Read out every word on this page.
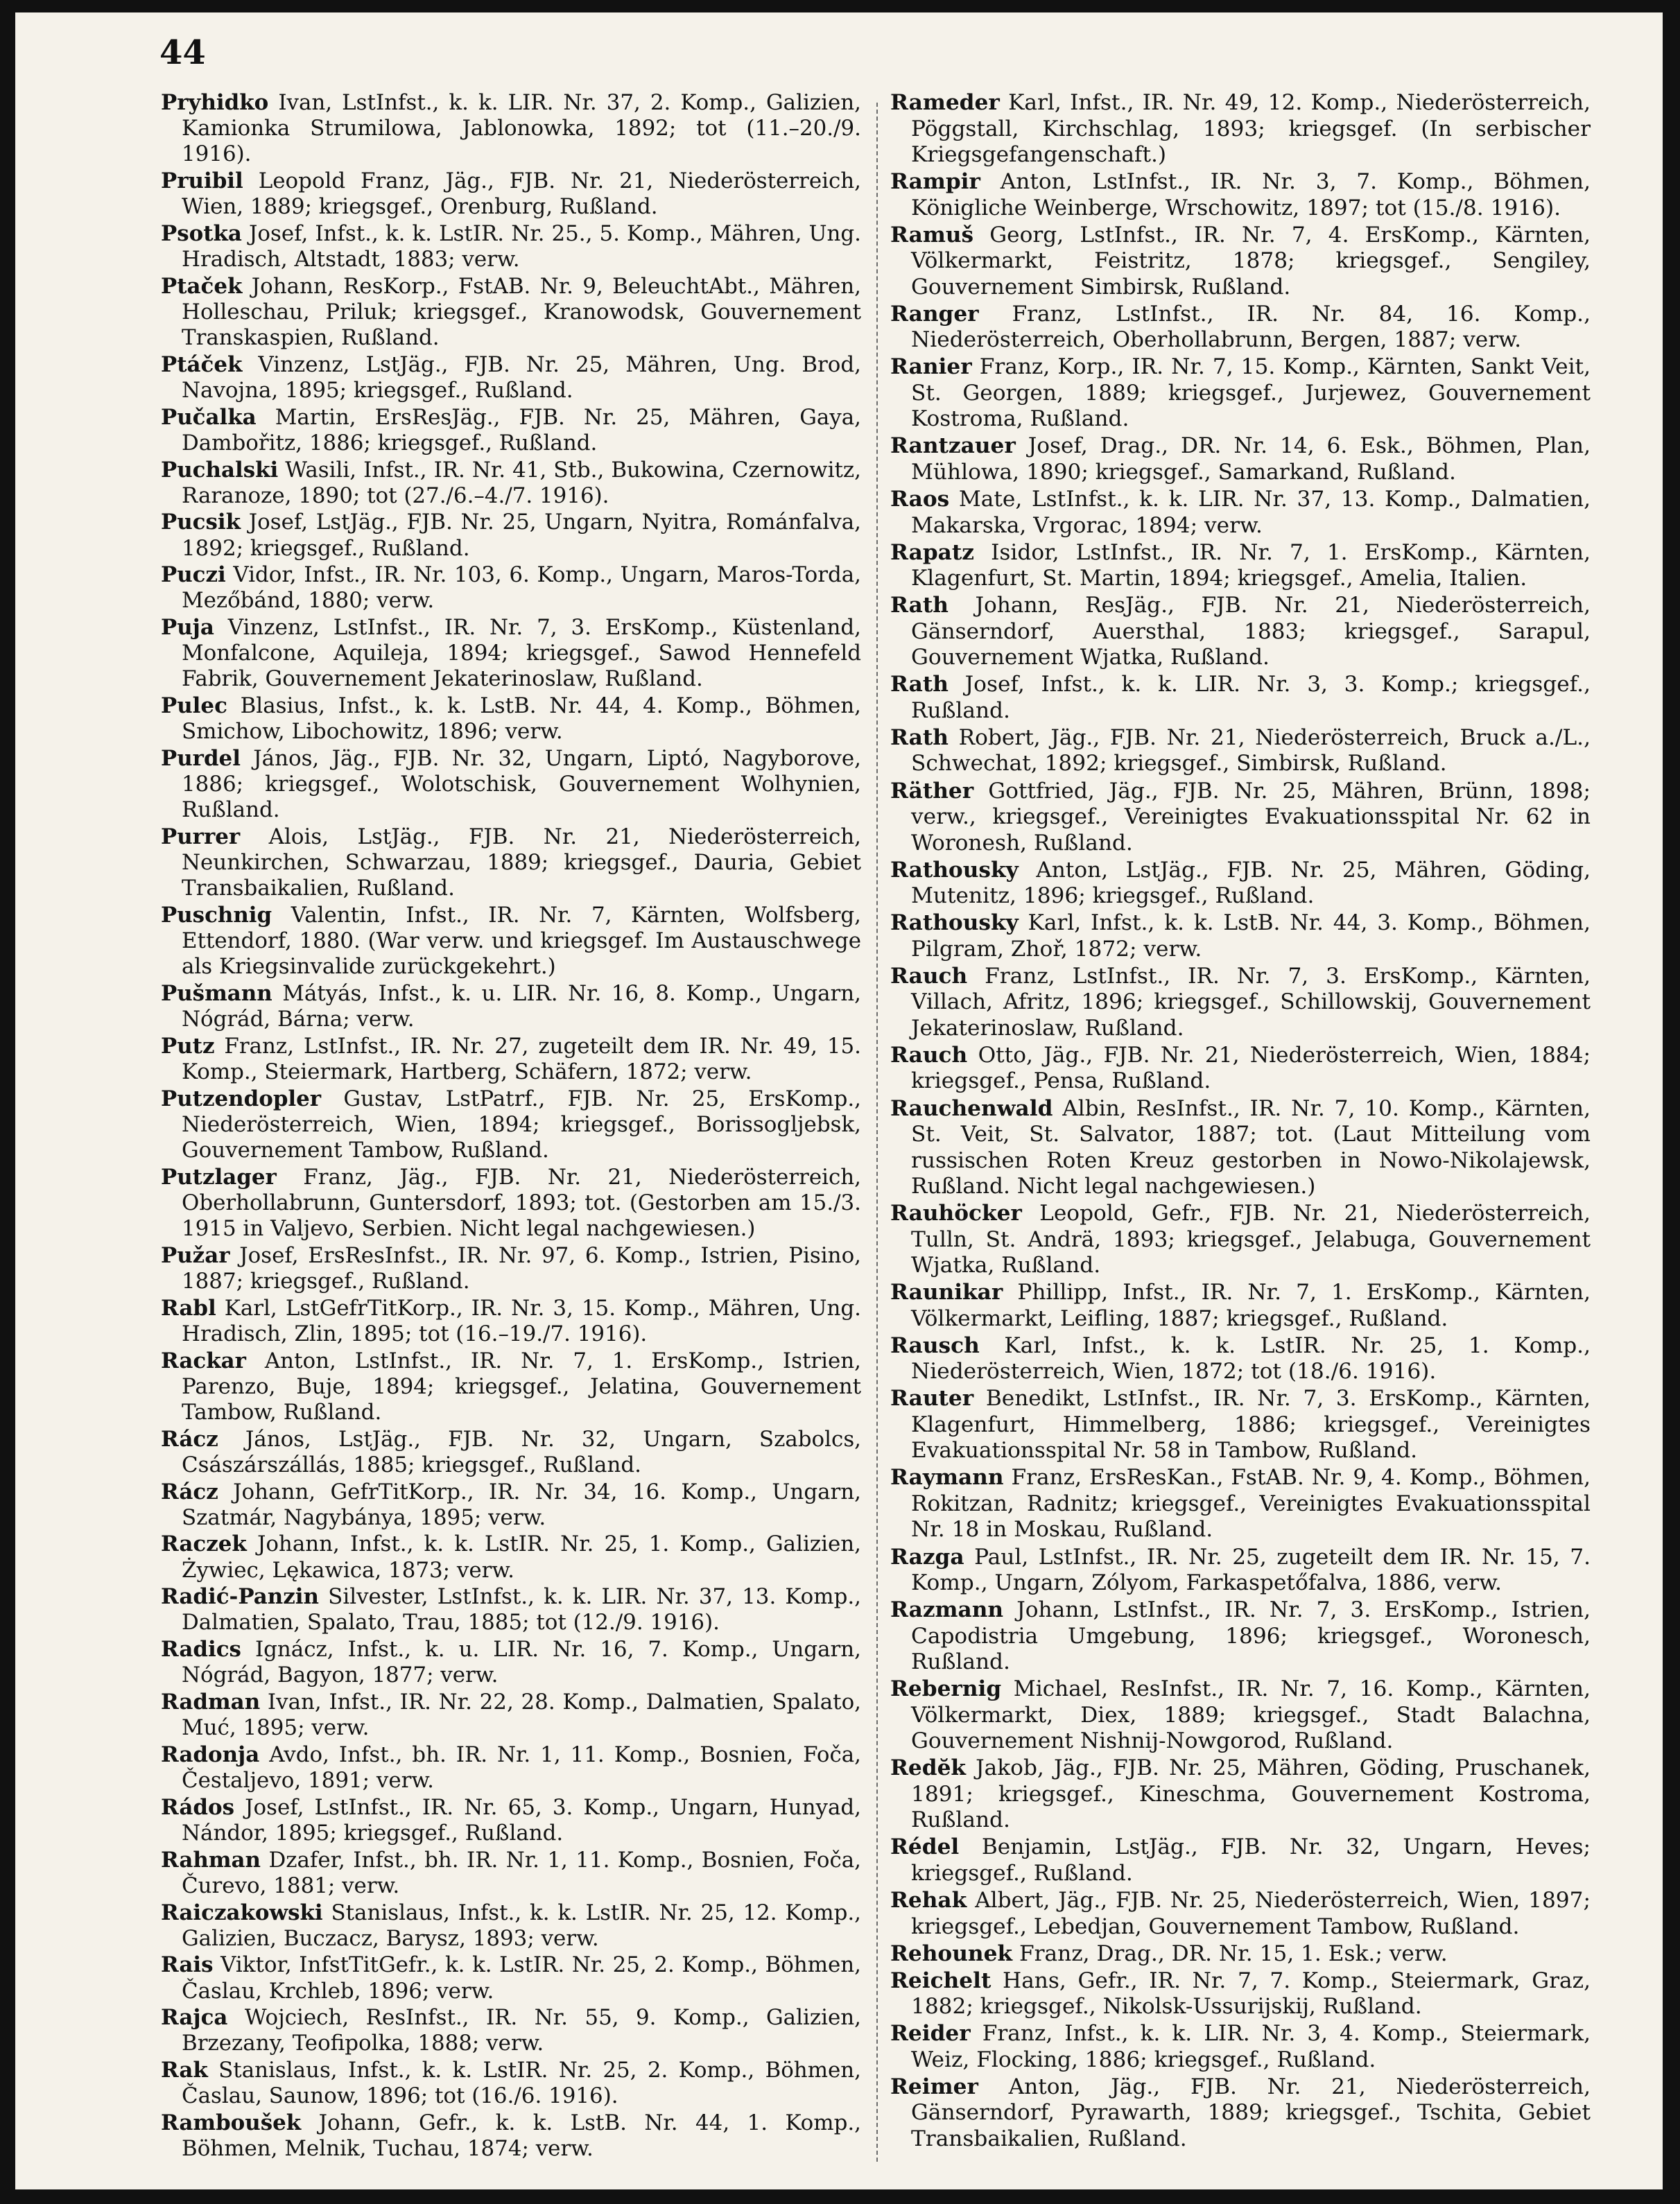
44

Pryhidko Ivan, LstInfst., k. k. LIR. Nr. 37, 2. Komp., Galizien, Kamionka Strumilowa, Jablonowka, 1892; tot (11.–20./9. 1916).

Pruibil Leopold Franz, Jäg., FJB. Nr. 21, Niederösterreich, Wien, 1889; kriegsgef., Orenburg, Rußland.

Psotka Josef, Infst., k. k. LstIR. Nr. 25., 5. Komp., Mähren, Ung. Hradisch, Altstadt, 1883; verw.

Ptaček Johann, ResKorp., FstAB. Nr. 9, BeleuchtAbt., Mähren, Holleschau, Priluk; kriegsgef., Kranowodsk, Gouvernement Transkaspien, Rußland.

Ptáček Vinzenz, LstJäg., FJB. Nr. 25, Mähren, Ung. Brod, Navojna, 1895; kriegsgef., Rußland.

Pučalka Martin, ErsResJäg., FJB. Nr. 25, Mähren, Gaya, Dambořitz, 1886; kriegsgef., Rußland.

Puchalski Wasili, Infst., IR. Nr. 41, Stb., Bukowina, Czernowitz, Raranoze, 1890; tot (27./6.–4./7. 1916).

Pucsik Josef, LstJäg., FJB. Nr. 25, Ungarn, Nyitra, Románfalva, 1892; kriegsgef., Rußland.

Puczi Vidor, Infst., IR. Nr. 103, 6. Komp., Ungarn, Maros-Torda, Mezőbánd, 1880; verw.

Puja Vinzenz, LstInfst., IR. Nr. 7, 3. ErsKomp., Küstenland, Monfalcone, Aquileja, 1894; kriegsgef., Sawod Hennefeld Fabrik, Gouvernement Jekaterinoslaw, Rußland.

Pulec Blasius, Infst., k. k. LstB. Nr. 44, 4. Komp., Böhmen, Smichow, Libochowitz, 1896; verw.

Purdel János, Jäg., FJB. Nr. 32, Ungarn, Liptó, Nagyborove, 1886; kriegsgef., Wolotschisk, Gouvernement Wolhynien, Rußland.

Purrer Alois, LstJäg., FJB. Nr. 21, Niederösterreich, Neunkirchen, Schwarzau, 1889; kriegsgef., Dauria, Gebiet Transbaikalien, Rußland.

Puschnig Valentin, Infst., IR. Nr. 7, Kärnten, Wolfsberg, Ettendorf, 1880. (War verw. und kriegsgef. Im Austauschwege als Kriegsinvalide zurückgekehrt.)

Pušmann Mátyás, Infst., k. u. LIR. Nr. 16, 8. Komp., Ungarn, Nógrád, Bárna; verw.

Putz Franz, LstInfst., IR. Nr. 27, zugeteilt dem IR. Nr. 49, 15. Komp., Steiermark, Hartberg, Schäfern, 1872; verw.

Putzendopler Gustav, LstPatrf., FJB. Nr. 25, ErsKomp., Niederösterreich, Wien, 1894; kriegsgef., Borissogljebsk, Gouvernement Tambow, Rußland.

Putzlager Franz, Jäg., FJB. Nr. 21, Niederösterreich, Oberhollabrunn, Guntersdorf, 1893; tot. (Gestorben am 15./3. 1915 in Valjevo, Serbien. Nicht legal nachgewiesen.)

Pužar Josef, ErsResInfst., IR. Nr. 97, 6. Komp., Istrien, Pisino, 1887; kriegsgef., Rußland.

Rabl Karl, LstGefrTitKorp., IR. Nr. 3, 15. Komp., Mähren, Ung. Hradisch, Zlin, 1895; tot (16.–19./7. 1916).

Rackar Anton, LstInfst., IR. Nr. 7, 1. ErsKomp., Istrien, Parenzo, Buje, 1894; kriegsgef., Jelatina, Gouvernement Tambow, Rußland.

Rácz János, LstJäg., FJB. Nr. 32, Ungarn, Szabolcs, Császárszállás, 1885; kriegsgef., Rußland.

Rácz Johann, GefrTitKorp., IR. Nr. 34, 16. Komp., Ungarn, Szatmár, Nagybánya, 1895; verw.

Raczek Johann, Infst., k. k. LstIR. Nr. 25, 1. Komp., Galizien, Żywiec, Lękawica, 1873; verw.

Radić-Panzin Silvester, LstInfst., k. k. LIR. Nr. 37, 13. Komp., Dalmatien, Spalato, Trau, 1885; tot (12./9. 1916).

Radics Ignácz, Infst., k. u. LIR. Nr. 16, 7. Komp., Ungarn, Nógrád, Bagyon, 1877; verw.

Radman Ivan, Infst., IR. Nr. 22, 28. Komp., Dalmatien, Spalato, Muć, 1895; verw.

Radonja Avdo, Infst., bh. IR. Nr. 1, 11. Komp., Bosnien, Foča, Čestaljevo, 1891; verw.

Rádos Josef, LstInfst., IR. Nr. 65, 3. Komp., Ungarn, Hunyad, Nándor, 1895; kriegsgef., Rußland.

Rahman Dzafer, Infst., bh. IR. Nr. 1, 11. Komp., Bosnien, Foča, Čurevo, 1881; verw.

Raiczakowski Stanislaus, Infst., k. k. LstIR. Nr. 25, 12. Komp., Galizien, Buczacz, Barysz, 1893; verw.

Rais Viktor, InfstTitGefr., k. k. LstIR. Nr. 25, 2. Komp., Böhmen, Časlau, Krchleb, 1896; verw.

Rajca Wojciech, ResInfst., IR. Nr. 55, 9. Komp., Galizien, Brzezany, Teofipolka, 1888; verw.

Rak Stanislaus, Infst., k. k. LstIR. Nr. 25, 2. Komp., Böhmen, Časlau, Saunow, 1896; tot (16./6. 1916).

Ramboušek Johann, Gefr., k. k. LstB. Nr. 44, 1. Komp., Böhmen, Melnik, Tuchau, 1874; verw.

Rameder Karl, Infst., IR. Nr. 49, 12. Komp., Niederösterreich, Pöggstall, Kirchschlag, 1893; kriegsgef. (In serbischer Kriegsgefangenschaft.)

Rampir Anton, LstInfst., IR. Nr. 3, 7. Komp., Böhmen, Königliche Weinberge, Wrschowitz, 1897; tot (15./8. 1916).

Ramuš Georg, LstInfst., IR. Nr. 7, 4. ErsKomp., Kärnten, Völkermarkt, Feistritz, 1878; kriegsgef., Sengiley, Gouvernement Simbirsk, Rußland.

Ranger Franz, LstInfst., IR. Nr. 84, 16. Komp., Niederösterreich, Oberhollabrunn, Bergen, 1887; verw.

Ranier Franz, Korp., IR. Nr. 7, 15. Komp., Kärnten, Sankt Veit, St. Georgen, 1889; kriegsgef., Jurjewez, Gouvernement Kostroma, Rußland.

Rantzauer Josef, Drag., DR. Nr. 14, 6. Esk., Böhmen, Plan, Mühlowa, 1890; kriegsgef., Samarkand, Rußland.

Raos Mate, LstInfst., k. k. LIR. Nr. 37, 13. Komp., Dalmatien, Makarska, Vrgorac, 1894; verw.

Rapatz Isidor, LstInfst., IR. Nr. 7, 1. ErsKomp., Kärnten, Klagenfurt, St. Martin, 1894; kriegsgef., Amelia, Italien.

Rath Johann, ResJäg., FJB. Nr. 21, Niederösterreich, Gänserndorf, Auersthal, 1883; kriegsgef., Sarapul, Gouvernement Wjatka, Rußland.

Rath Josef, Infst., k. k. LIR. Nr. 3, 3. Komp.; kriegsgef., Rußland.

Rath Robert, Jäg., FJB. Nr. 21, Niederösterreich, Bruck a./L., Schwechat, 1892; kriegsgef., Simbirsk, Rußland.

Räther Gottfried, Jäg., FJB. Nr. 25, Mähren, Brünn, 1898; verw., kriegsgef., Vereinigtes Evakuationsspital Nr. 62 in Woronesh, Rußland.

Rathousky Anton, LstJäg., FJB. Nr. 25, Mähren, Göding, Mutenitz, 1896; kriegsgef., Rußland.

Rathousky Karl, Infst., k. k. LstB. Nr. 44, 3. Komp., Böhmen, Pilgram, Zhoř, 1872; verw.

Rauch Franz, LstInfst., IR. Nr. 7, 3. ErsKomp., Kärnten, Villach, Afritz, 1896; kriegsgef., Schillowskij, Gouvernement Jekaterinoslaw, Rußland.

Rauch Otto, Jäg., FJB. Nr. 21, Niederösterreich, Wien, 1884; kriegsgef., Pensa, Rußland.

Rauchenwald Albin, ResInfst., IR. Nr. 7, 10. Komp., Kärnten, St. Veit, St. Salvator, 1887; tot. (Laut Mitteilung vom russischen Roten Kreuz gestorben in Nowo-Nikolajewsk, Rußland. Nicht legal nachgewiesen.)

Rauhöcker Leopold, Gefr., FJB. Nr. 21, Niederösterreich, Tulln, St. Andrä, 1893; kriegsgef., Jelabuga, Gouvernement Wjatka, Rußland.

Raunikar Phillipp, Infst., IR. Nr. 7, 1. ErsKomp., Kärnten, Völkermarkt, Leifling, 1887; kriegsgef., Rußland.

Rausch Karl, Infst., k. k. LstIR. Nr. 25, 1. Komp., Niederösterreich, Wien, 1872; tot (18./6. 1916).

Rauter Benedikt, LstInfst., IR. Nr. 7, 3. ErsKomp., Kärnten, Klagenfurt, Himmelberg, 1886; kriegsgef., Vereinigtes Evakuationsspital Nr. 58 in Tambow, Rußland.

Raymann Franz, ErsResKan., FstAB. Nr. 9, 4. Komp., Böhmen, Rokitzan, Radnitz; kriegsgef., Vereinigtes Evakuationsspital Nr. 18 in Moskau, Rußland.

Razga Paul, LstInfst., IR. Nr. 25, zugeteilt dem IR. Nr. 15, 7. Komp., Ungarn, Zólyom, Farkaspetőfalva, 1886, verw.

Razmann Johann, LstInfst., IR. Nr. 7, 3. ErsKomp., Istrien, Capodistria Umgebung, 1896; kriegsgef., Woronesch, Rußland.

Rebernig Michael, ResInfst., IR. Nr. 7, 16. Komp., Kärnten, Völkermarkt, Diex, 1889; kriegsgef., Stadt Balachna, Gouvernement Nishnij-Nowgorod, Rußland.

Redĕk Jakob, Jäg., FJB. Nr. 25, Mähren, Göding, Pruschanek, 1891; kriegsgef., Kineschma, Gouvernement Kostroma, Rußland.

Rédel Benjamin, LstJäg., FJB. Nr. 32, Ungarn, Heves; kriegsgef., Rußland.

Rehak Albert, Jäg., FJB. Nr. 25, Niederösterreich, Wien, 1897; kriegsgef., Lebedjan, Gouvernement Tambow, Rußland.

Rehounek Franz, Drag., DR. Nr. 15, 1. Esk.; verw.

Reichelt Hans, Gefr., IR. Nr. 7, 7. Komp., Steiermark, Graz, 1882; kriegsgef., Nikolsk-Ussurijskij, Rußland.

Reider Franz, Infst., k. k. LIR. Nr. 3, 4. Komp., Steiermark, Weiz, Flocking, 1886; kriegsgef., Rußland.

Reimer Anton, Jäg., FJB. Nr. 21, Niederösterreich, Gänserndorf, Pyrawarth, 1889; kriegsgef., Tschita, Gebiet Transbaikalien, Rußland.
